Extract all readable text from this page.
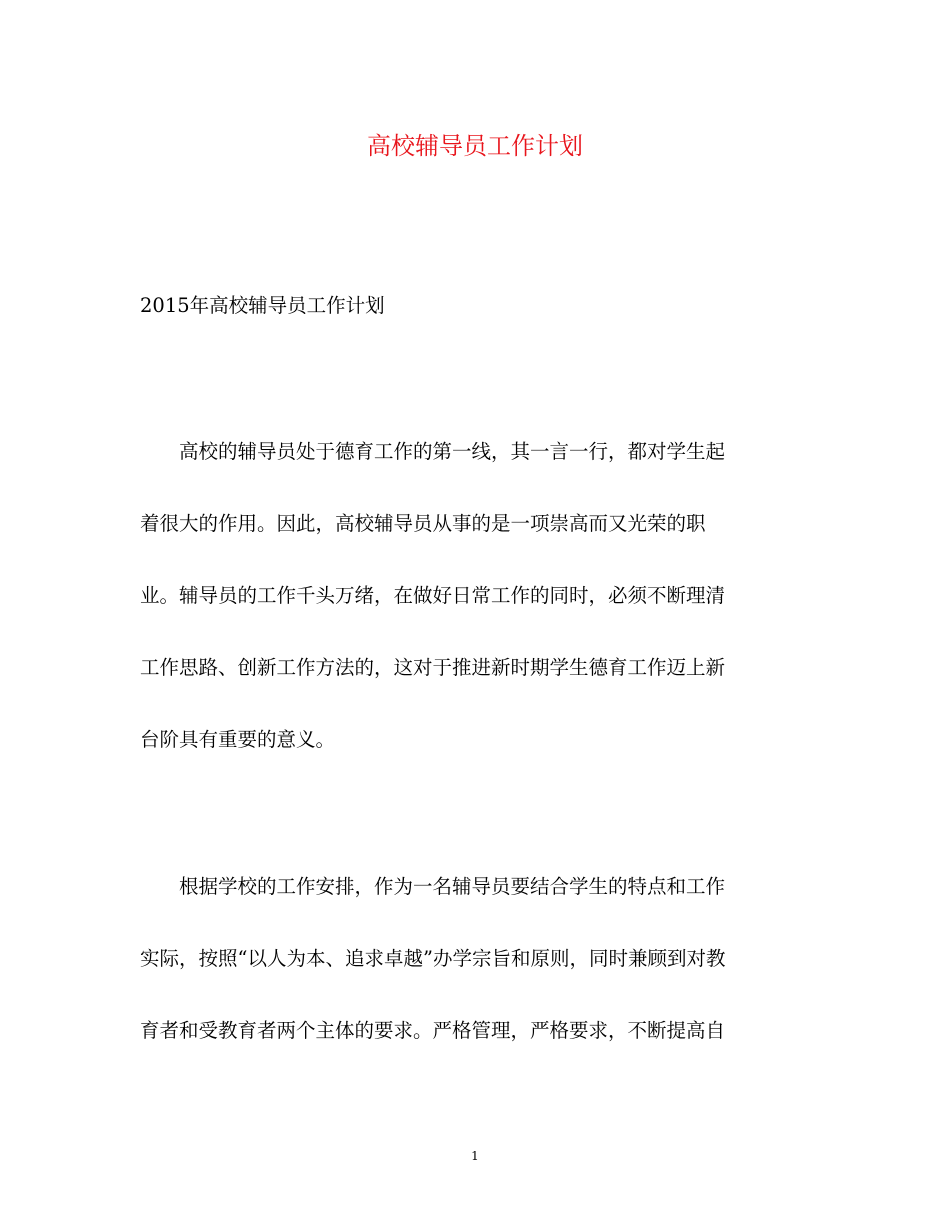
高校辅导员工作计划

2015年高校辅导员工作计划

　　高校的辅导员处于德育工作的第一线，其一言一行，都对学生起

着很大的作用。因此，高校辅导员从事的是一项崇高而又光荣的职

业。辅导员的工作千头万绪，在做好日常工作的同时，必须不断理清

工作思路、创新工作方法的，这对于推进新时期学生德育工作迈上新

台阶具有重要的意义。

　　根据学校的工作安排，作为一名辅导员要结合学生的特点和工作

实际，按照“以人为本、追求卓越”办学宗旨和原则，同时兼顾到对教

育者和受教育者两个主体的要求。严格管理，严格要求，不断提高自

1
